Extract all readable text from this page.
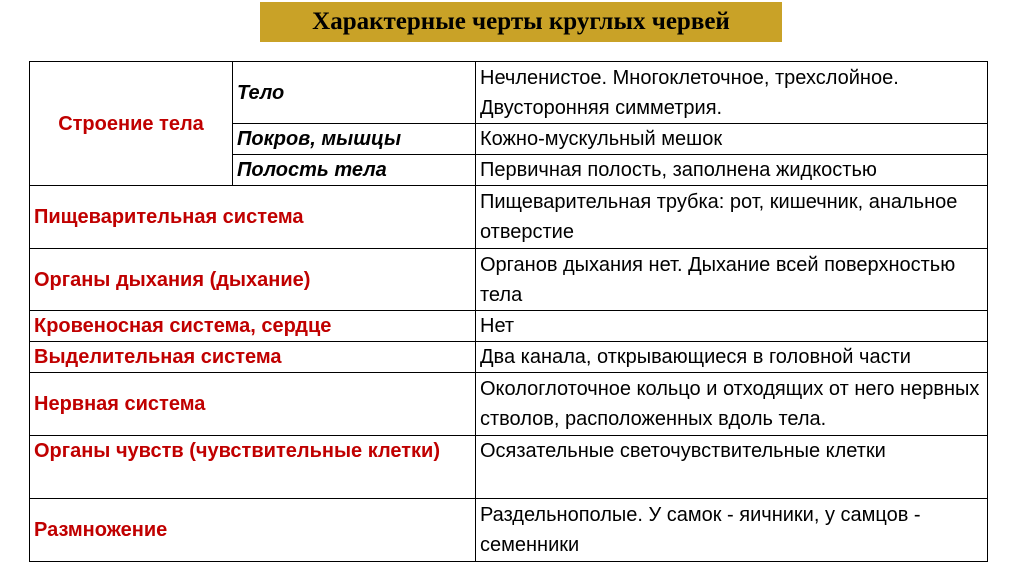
Характерные черты круглых червей
Строение тела	Тело	Нечленистое. Многоклеточное, трехслойное. Двусторонняя симметрия.
	Покров, мышцы	Кожно-мускульный мешок
	Полость тела	Первичная полость, заполнена жидкостью
Пищеварительная система		Пищеварительная трубка: рот, кишечник, анальное отверстие
Органы дыхания (дыхание)		Органов дыхания нет. Дыхание всей поверхностью тела
Кровеносная система, сердце		Нет
Выделительная система		Два канала, открывающиеся в головной части
Нервная система		Окологлоточное кольцо и отходящих от него нервных стволов, расположенных вдоль тела.
Органы чувств (чувствительные клетки)		Осязательные светочувствительные клетки
Размножение		Раздельнополые. У самок - яичники, у самцов - семенники
